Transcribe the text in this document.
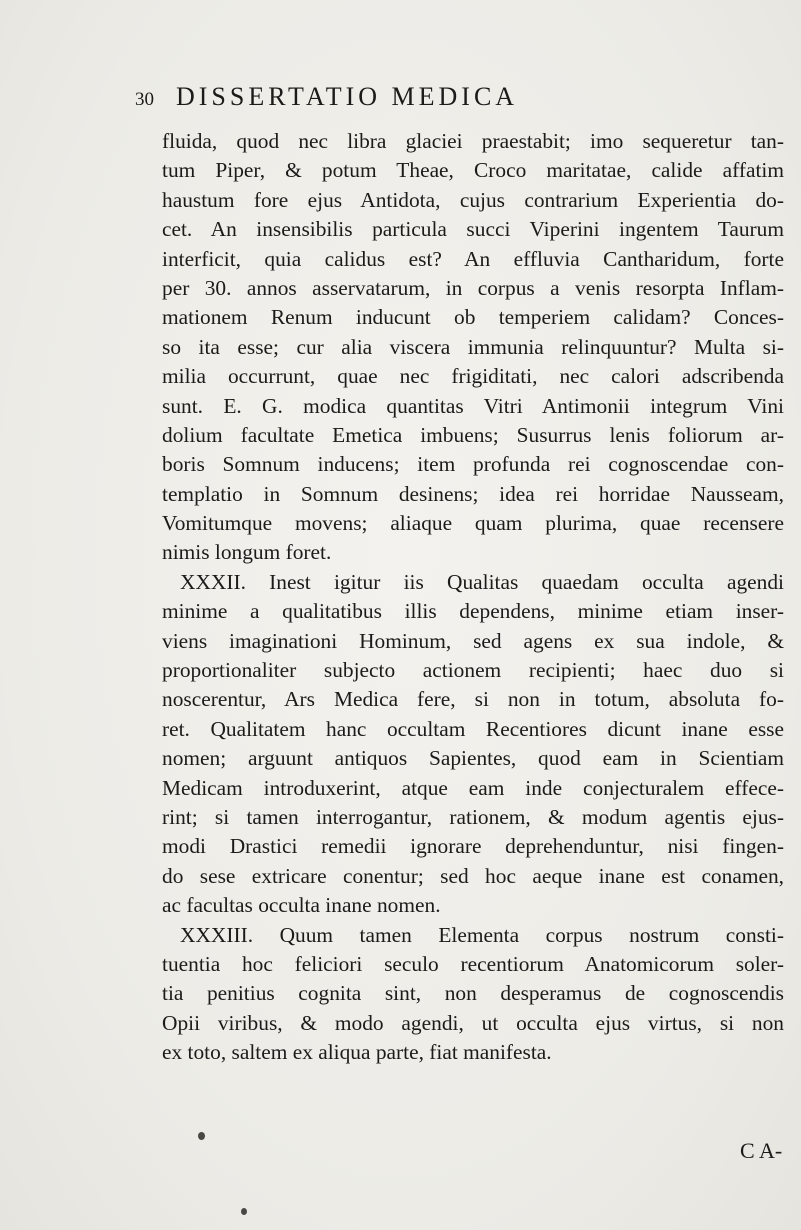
30 DISSERTATIO MEDICA
fluida, quod nec libra glaciei praestabit; imo sequeretur tan-
tum Piper, & potum Theae, Croco maritatae, calide affatim
haustum fore ejus Antidota, cujus contrarium Experientia do-
cet. An insensibilis particula succi Viperini ingentem Taurum
interficit, quia calidus est? An effluvia Cantharidum, forte
per 30. annos asservatarum, in corpus a venis resorpta Inflam-
mationem Renum inducunt ob temperiem calidam? Conces-
so ita esse; cur alia viscera immunia relinquuntur? Multa si-
milia occurrunt, quae nec frigiditati, nec calori adscribenda
sunt. E. G. modica quantitas Vitri Antimonii integrum Vini
dolium facultate Emetica imbuens; Susurrus lenis foliorum ar-
boris Somnum inducens; item profunda rei cognoscendae con-
templatio in Somnum desinens; idea rei horridae Nausseam,
Vomitumque movens; aliaque quam plurima, quae recensere
nimis longum foret.
XXXII. Inest igitur iis Qualitas quaedam occulta agendi
minime a qualitatibus illis dependens, minime etiam inser-
viens imaginationi Hominum, sed agens ex sua indole, &
proportionaliter subjecto actionem recipienti; haec duo si
noscerentur, Ars Medica fere, si non in totum, absoluta fo-
ret. Qualitatem hanc occultam Recentiores dicunt inane esse
nomen; arguunt antiquos Sapientes, quod eam in Scientiam
Medicam introduxerint, atque eam inde conjecturalem effece-
rint; si tamen interrogantur, rationem, & modum agentis ejus-
modi Drastici remedii ignorare deprehenduntur, nisi fingen-
do sese extricare conentur; sed hoc aeque inane est conamen,
ac facultas occulta inane nomen.
XXXIII. Quum tamen Elementa corpus nostrum consti-
tuentia hoc feliciori seculo recentiorum Anatomicorum soler-
tia penitius cognita sint, non desperamus de cognoscendis
Opii viribus, & modo agendi, ut occulta ejus virtus, si non
ex toto, saltem ex aliqua parte, fiat manifesta.
C A-
